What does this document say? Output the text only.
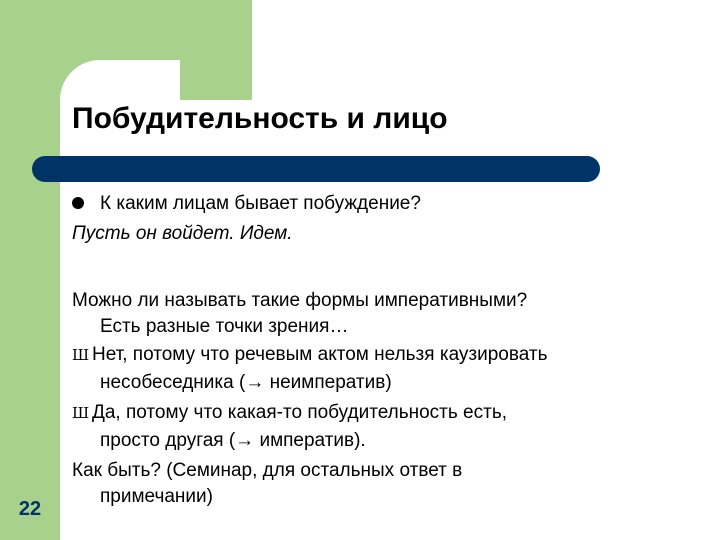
Побудительность и лицо
К каким лицам бывает побуждение?
Пусть он войдет. Идем.
Можно ли называть такие формы императивными?
Есть разные точки зрения…
Ш Нет, потому что речевым актом нельзя каузировать
несобеседника (→ неимператив)
Ш Да, потому что какая-то побудительность есть,
просто другая (→ императив).
Как быть? (Семинар, для остальных ответ в
примечании)
22
